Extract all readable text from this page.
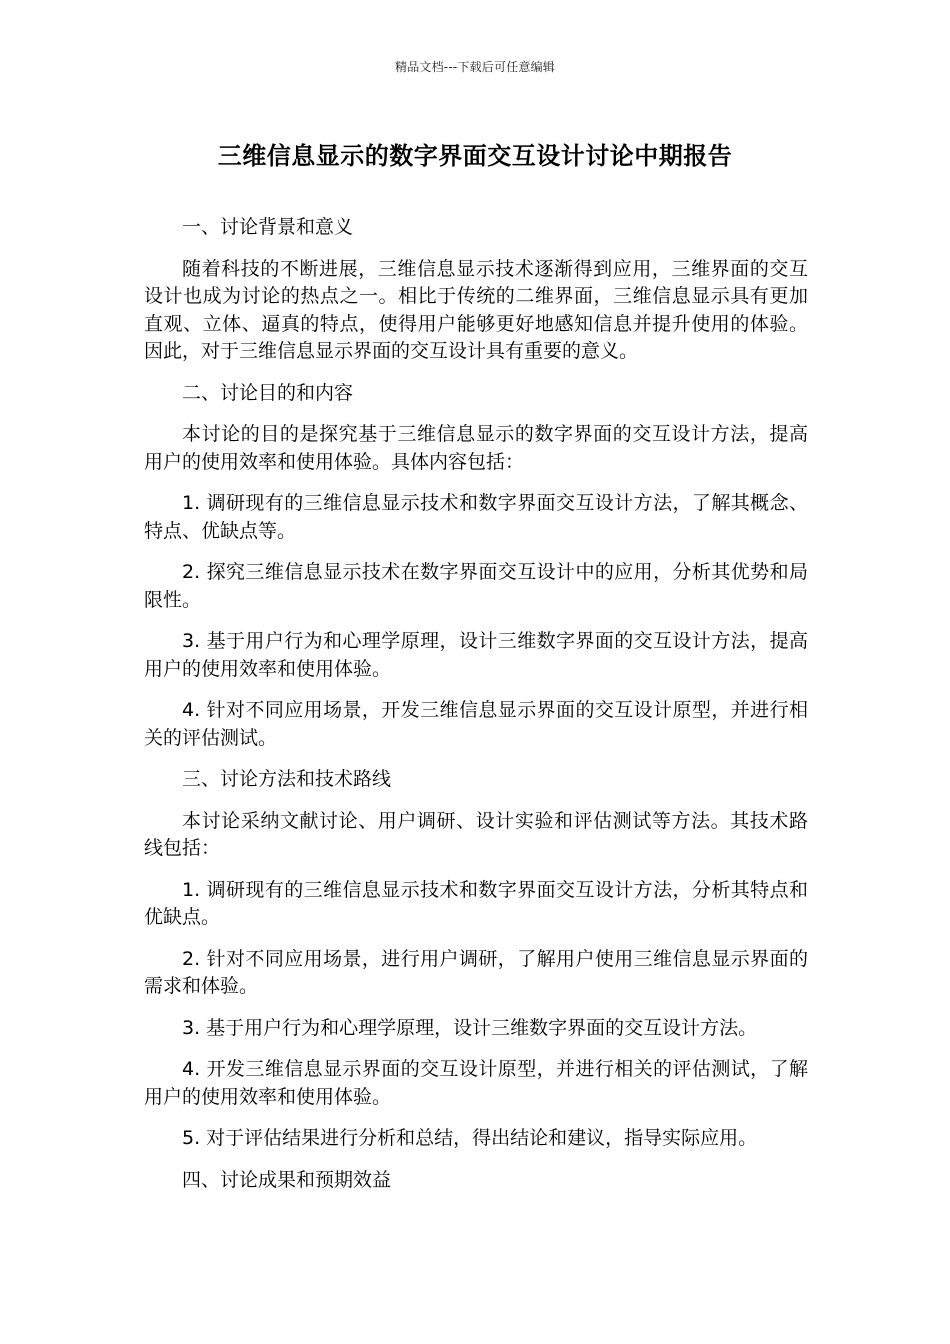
精品文档---下载后可任意编辑
三维信息显示的数字界面交互设计讨论中期报告

一、讨论背景和意义

随着科技的不断进展，三维信息显示技术逐渐得到应用，三维界面的交互设计也成为讨论的热点之一。相比于传统的二维界面，三维信息显示具有更加直观、立体、逼真的特点，使得用户能够更好地感知信息并提升使用的体验。因此，对于三维信息显示界面的交互设计具有重要的意义。

二、讨论目的和内容

本讨论的目的是探究基于三维信息显示的数字界面的交互设计方法，提高用户的使用效率和使用体验。具体内容包括：

1. 调研现有的三维信息显示技术和数字界面交互设计方法，了解其概念、特点、优缺点等。

2. 探究三维信息显示技术在数字界面交互设计中的应用，分析其优势和局限性。

3. 基于用户行为和心理学原理，设计三维数字界面的交互设计方法，提高用户的使用效率和使用体验。

4. 针对不同应用场景，开发三维信息显示界面的交互设计原型，并进行相关的评估测试。

三、讨论方法和技术路线

本讨论采纳文献讨论、用户调研、设计实验和评估测试等方法。其技术路线包括：

1. 调研现有的三维信息显示技术和数字界面交互设计方法，分析其特点和优缺点。

2. 针对不同应用场景，进行用户调研，了解用户使用三维信息显示界面的需求和体验。

3. 基于用户行为和心理学原理，设计三维数字界面的交互设计方法。

4. 开发三维信息显示界面的交互设计原型，并进行相关的评估测试，了解用户的使用效率和使用体验。

5. 对于评估结果进行分析和总结，得出结论和建议，指导实际应用。

四、讨论成果和预期效益
